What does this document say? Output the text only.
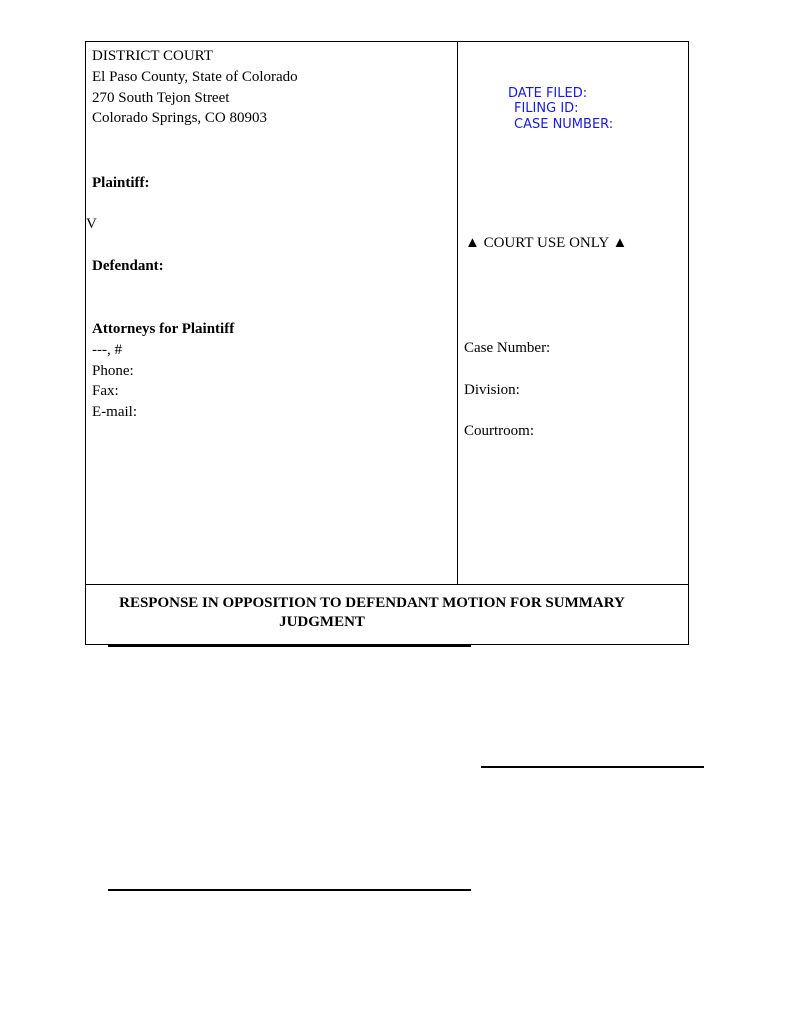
DISTRICT COURT
El Paso County, State of Colorado
270 South Tejon Street
Colorado Springs, CO 80903
Plaintiff:
V
Defendant:
Attorneys for Plaintiff
---, #
Phone:
Fax:
E-mail:
DATE FILED:
FILING ID:
CASE NUMBER:
▲ COURT USE ONLY ▲
Case Number:
Division:
Courtroom:
RESPONSE IN OPPOSITION TO DEFENDANT MOTION FOR SUMMARY
JUDGMENT
